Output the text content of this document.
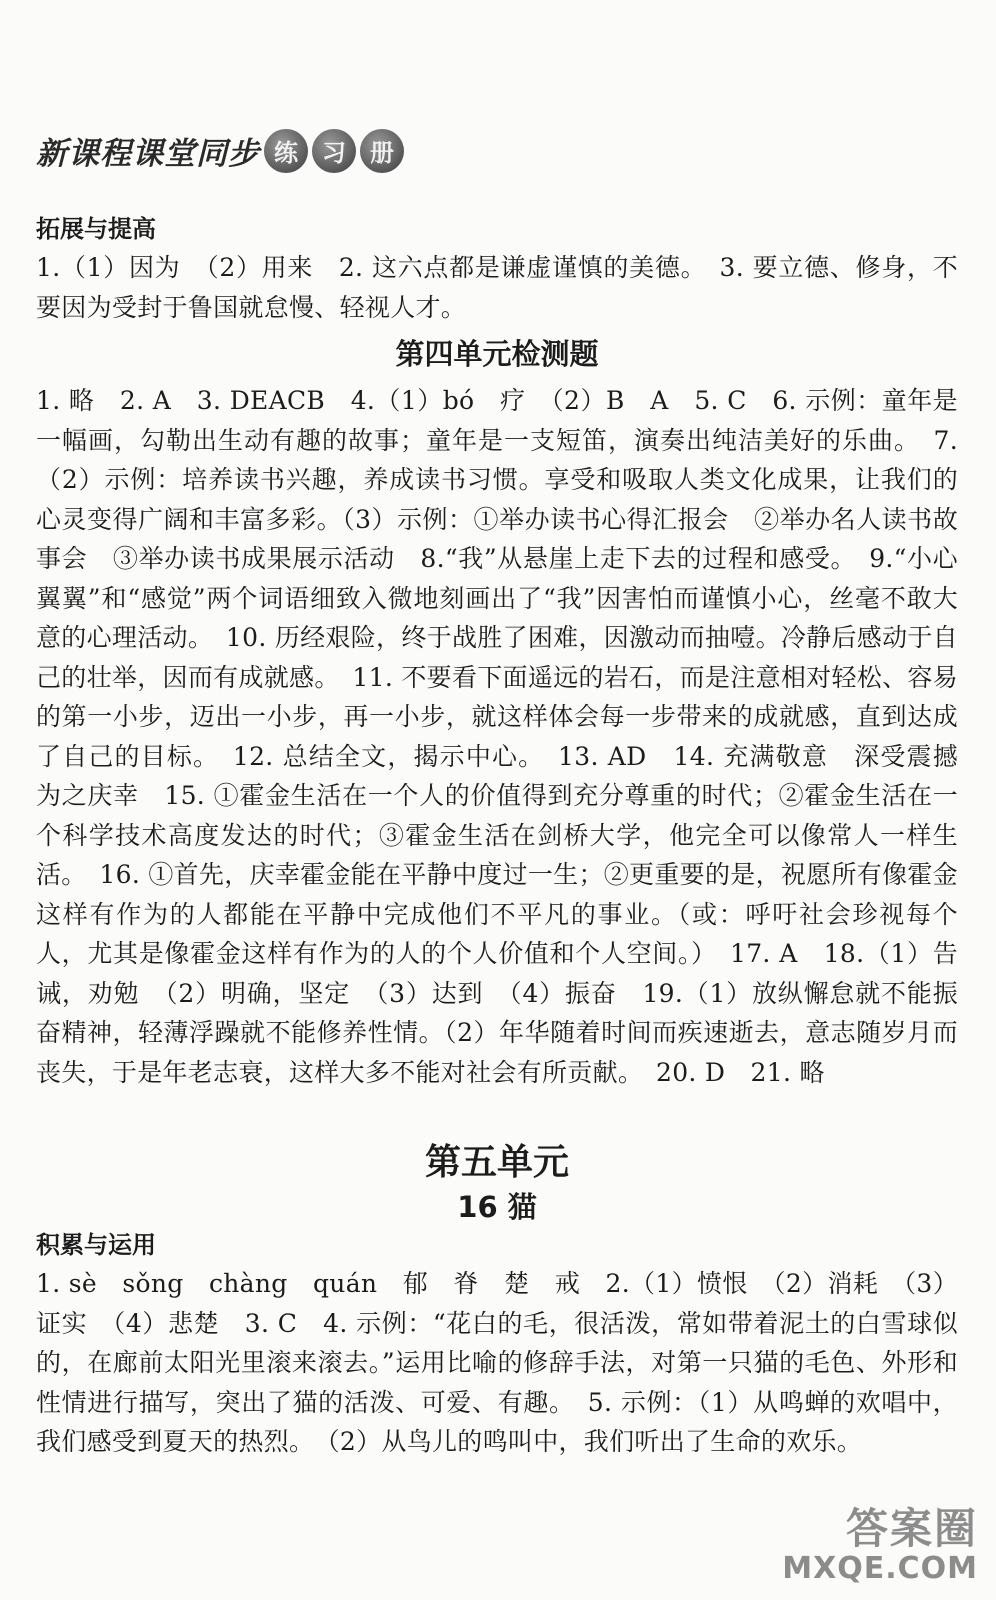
新课程课堂同步 练	习	册

拓展与提高

1.（1）因为　（2）用来　2. 这六点都是谦虚谨慎的美德。　3. 要立德、修身，不要因为受封于鲁国就怠慢、轻视人才。

第四单元检测题

1. 略　2. A　3. DEACB　4.（1）bó　疗　（2）B　A　5. C　6. 示例：童年是一幅画，勾勒出生动有趣的故事；童年是一支短笛，演奏出纯洁美好的乐曲。　7.（2）示例：培养读书兴趣，养成读书习惯。享受和吸取人类文化成果，让我们的心灵变得广阔和丰富多彩。（3）示例：①举办读书心得汇报会　②举办名人读书故事会　③举办读书成果展示活动　8.“我”从悬崖上走下去的过程和感受。　9.“小心翼翼”和“感觉”两个词语细致入微地刻画出了“我”因害怕而谨慎小心，丝毫不敢大意的心理活动。　10. 历经艰险，终于战胜了困难，因激动而抽噎。冷静后感动于自己的壮举，因而有成就感。　11. 不要看下面遥远的岩石，而是注意相对轻松、容易的第一小步，迈出一小步，再一小步，就这样体会每一步带来的成就感，直到达成了自己的目标。　12. 总结全文，揭示中心。　13. AD　14. 充满敬意　深受震撼　为之庆幸　15. ①霍金生活在一个人的价值得到充分尊重的时代；②霍金生活在一个科学技术高度发达的时代；③霍金生活在剑桥大学，他完全可以像常人一样生活。　16. ①首先，庆幸霍金能在平静中度过一生；②更重要的是，祝愿所有像霍金这样有作为的人都能在平静中完成他们不平凡的事业。（或：呼吁社会珍视每个人，尤其是像霍金这样有作为的人的个人价值和个人空间。）　17. A　18.（1）告诫，劝勉　（2）明确，坚定　（3）达到　（4）振奋　19.（1）放纵懈怠就不能振奋精神，轻薄浮躁就不能修养性情。（2）年华随着时间而疾速逝去，意志随岁月而丧失，于是年老志衰，这样大多不能对社会有所贡献。　20. D　21. 略

第五单元

16 猫

积累与运用

1. sè　sǒng　chàng　quán　郁　脊　楚　戒　2.（1）愤恨　（2）消耗　（3）证实　（4）悲楚　3. C　4. 示例：“花白的毛，很活泼，常如带着泥土的白雪球似的，在廊前太阳光里滚来滚去。”运用比喻的修辞手法，对第一只猫的毛色、外形和性情进行描写，突出了猫的活泼、可爱、有趣。　5. 示例：（1）从鸣蝉的欢唱中，我们感受到夏天的热烈。　（2）从鸟儿的鸣叫中，我们听出了生命的欢乐。

答案圈
MXQE.COM
